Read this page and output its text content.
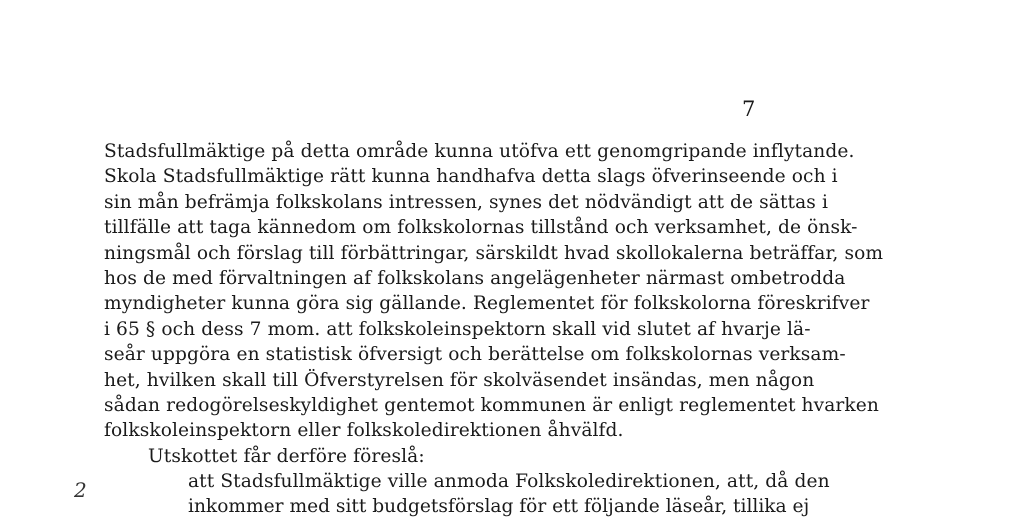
7
Stadsfullmäktige på detta område kunna utöfva ett genomgripande inflytande.
Skola Stadsfullmäktige rätt kunna handhafva detta slags öfverinseende och i
sin mån befrämja folkskolans intressen, synes det nödvändigt att de sättas i
tillfälle att taga kännedom om folkskolornas tillstånd och verksamhet, de önsk-
ningsmål och förslag till förbättringar, särskildt hvad skollokalerna beträffar, som
hos de med förvaltningen af folkskolans angelägenheter närmast ombetrodda
myndigheter kunna göra sig gällande. Reglementet för folkskolorna föreskrifver
i 65 § och dess 7 mom. att folkskoleinspektorn skall vid slutet af hvarje lä-
seår uppgöra en statistisk öfversigt och berättelse om folkskolornas verksam-
het, hvilken skall till Öfverstyrelsen för skolväsendet insändas, men någon
sådan redogörelseskyldighet gentemot kommunen är enligt reglementet hvarken
folkskoleinspektorn eller folkskoledirektionen åhvälfd.
Utskottet får derföre föreslå:
att Stadsfullmäktige ville anmoda Folkskoledirektionen, att, då den
inkommer med sitt budgetsförslag för ett följande läseår, tillika ej
2
